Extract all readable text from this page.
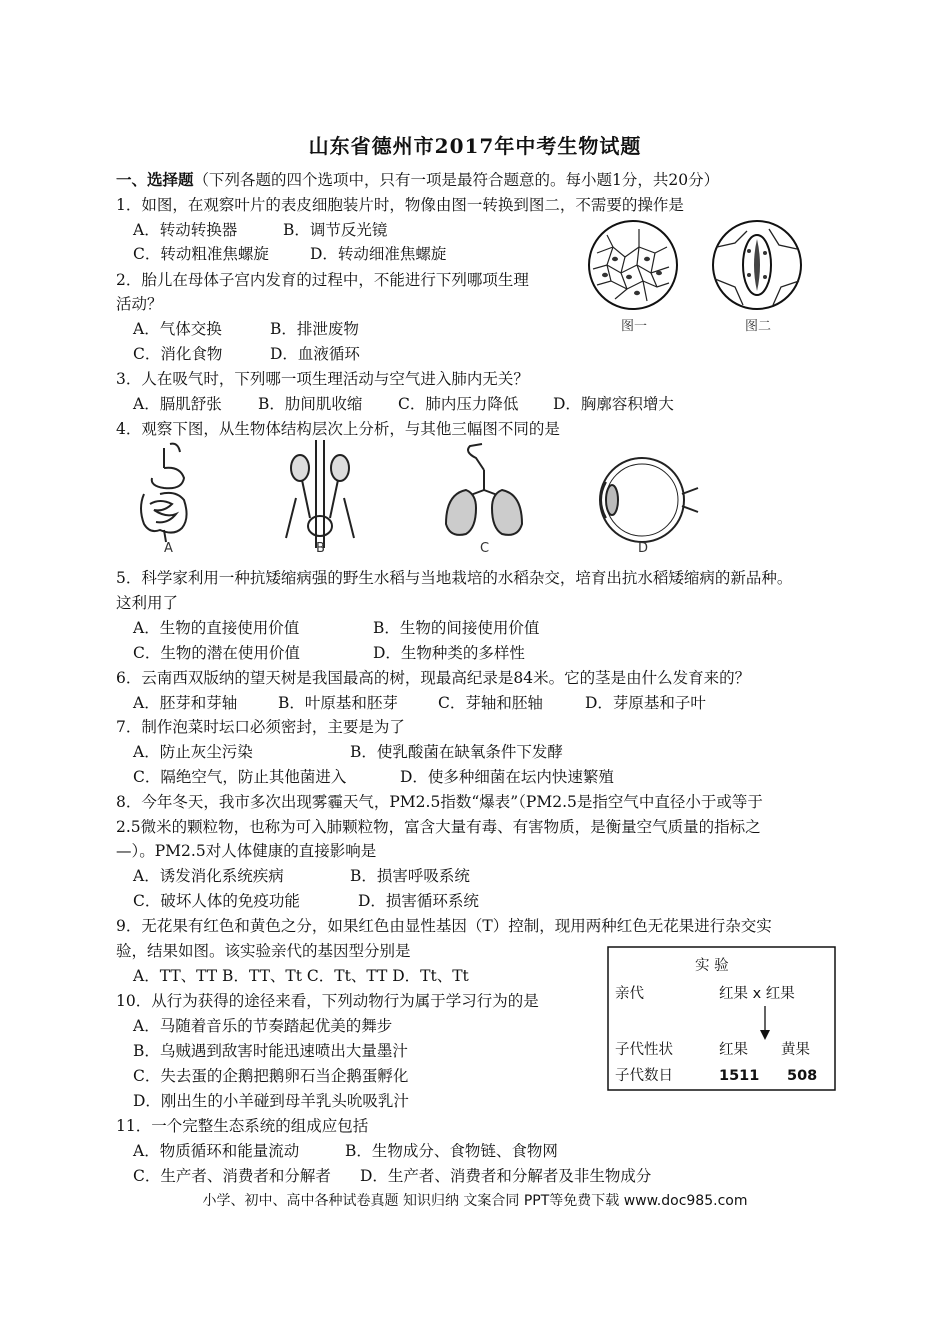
山东省德州市2017年中考生物试题
一、选择题（下列各题的四个选项中，只有一项是最符合题意的。每小题1分，共20分）
1．如图，在观察叶片的表皮细胞装片时，物像由图一转换到图二，不需要的操作是
A．转动转换器	B．调节反光镜
C．转动粗准焦螺旋	D．转动细准焦螺旋
图一	图二
2．胎儿在母体子宫内发育的过程中，不能进行下列哪项生理
活动？
A．气体交换	B．排泄废物
C．消化食物	D．血液循环
3．人在吸气时，下列哪一项生理活动与空气进入肺内无关？
A．膈肌舒张 B．肋间肌收缩 C．肺内压力降低 D．胸廓容积增大
4．观察下图，从生物体结构层次上分析，与其他三幅图不同的是
A	B	C	D
5．科学家利用一种抗矮缩病强的野生水稻与当地栽培的水稻杂交，培育出抗水稻矮缩病的新品种。
这利用了
A．生物的直接使用价值	B．生物的间接使用价值
C．生物的潜在使用价值	D．生物种类的多样性
6．云南西双版纳的望天树是我国最高的树，现最高纪录是84米。它的茎是由什么发育来的？
A．胚芽和芽轴	B．叶原基和胚芽	C．芽轴和胚轴	D．芽原基和子叶
7．制作泡菜时坛口必须密封，主要是为了
A．防止灰尘污染	B．使乳酸菌在缺氧条件下发酵
C．隔绝空气，防止其他菌进入	D．使多种细菌在坛内快速繁殖
8．今年冬天，我市多次出现雾霾天气，PM2.5指数“爆表”（PM2.5是指空气中直径小于或等于
2.5微米的颗粒物，也称为可入肺颗粒物，富含大量有毒、有害物质，是衡量空气质量的指标之
—）。PM2.5对人体健康的直接影响是
A．诱发消化系统疾病	B．损害呼吸系统
C．破坏人体的免疫功能	D．损害循环系统
9．无花果有红色和黄色之分，如果红色由显性基因（T）控制，现用两种红色无花果进行杂交实
验，结果如图。该实验亲代的基因型分别是
A．TT、TT B．TT、Tt C．Tt、TT D．Tt、Tt
实 验
亲代	红果 x 红果
子代性状	红果 黄果
子代数日	1511 508
10．从行为获得的途径来看，下列动物行为属于学习行为的是
A．马随着音乐的节奏踏起优美的舞步
B．乌贼遇到敌害时能迅速喷出大量墨汁
C．失去蛋的企鹅把鹅卵石当企鹅蛋孵化
D．刚出生的小羊碰到母羊乳头吮吸乳汁
11．一个完整生态系统的组成应包括
A．物质循环和能量流动	B．生物成分、食物链、食物网
C．生产者、消费者和分解者 D．生产者、消费者和分解者及非生物成分
小学、初中、高中各种试卷真题 知识归纳 文案合同 PPT等免费下载 www.doc985.com
